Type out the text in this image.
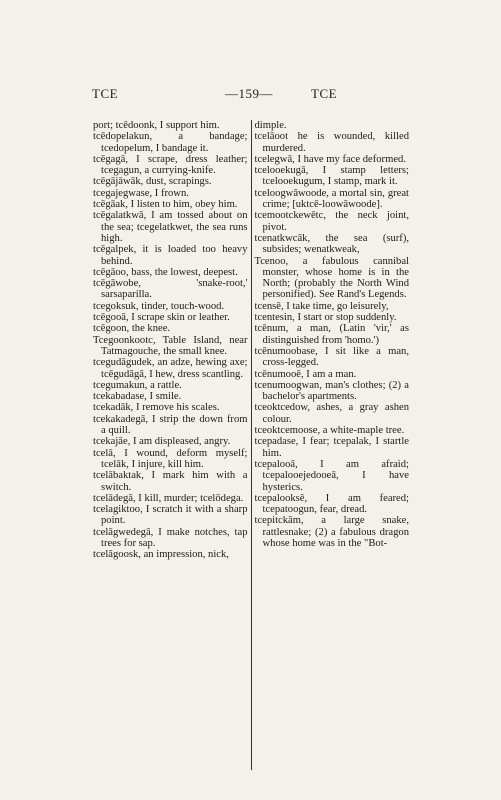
TCE	—159—	TCE

port; tcēdoonk, I support him.

tcēdopelakun, a bandage; tcedopelum, I bandage it.

tcēgagā, I scrape, dress leather; tcegagun, a currying-knife.

tcēgājāwāk, dust, scrapings.

tcegajegwase, I frown.

tcēgāak, I listen to him, obey him.

tcēgalatkwā, I am tossed about on the sea; tcegelatkwet, the sea runs high.

tcēgalpek, it is loaded too heavy behind.

tcēgāoo, bass, the lowest, deepest.

tcēgāwobe, 'snake-root,' sarsaparilla.

tcegoksuk, tinder, touch-wood.

tcēgooā, I scrape skin or leather.

tcēgoon, the knee.

Tcegoonkootc, Table Island, near Tatmagouche, the small knee.

tcegudāgudek, an adze, hewing axe; tcēgudāgā, I hew, dress scantling.

tcegumakun, a rattle.

tcekabadase, I smile.

tcekadāk, I remove his scales.

tcekakadegā, I strip the down from a quill.

tcekajāe, I am displeased, angry.

tcelā, I wound, deform myself; tcelāk, I injure, kill him.

tcelābaktak, I mark him with a switch.

tcelādegā, I kill, murder; tcelōdega.

tcelagiktoo, I scratch it with a sharp point.

tcelāgwedegā, I make notches, tap trees for sap.

tcelāgoosk, an impression, nick,

dimple.

tcelāoot he is wounded, killed murdered.

tcelegwā, I have my face deformed.

tcelooekugā, I stamp letters; tcelooekugum, I stamp, mark it.

tceloogwāwoode, a mortal sin, great crime; [uktcē-loowāwoode].

tcemootckewētc, the neck joint, pivot.

tcenatkwcāk, the sea (surf), subsides; wenatkweak,

Tcenoo, a fabulous cannibal monster, whose home is in the North; (probably the North Wind personified). See Rand's Legends.

tcensē, I take time, go leisurely,

tcentesin, I start or stop suddenly.

tcēnum, a man, (Latin 'vir,' as distinguished from 'homo.')

tcēnumoobase, I sit like a man, cross-legged.

tcēnumooē, I am a man.

tcenumoogwan, man's clothes; (2) a bachelor's apartments.

tceoktcedow, ashes, a gray ashen colour.

tceoktcemoose, a white-maple tree.

tcepadase, I fear; tcepalak, I startle him.

tcepalooā, I am afraid; tcepalooejedooeā, I have hysterics.

tcepalooksē, I am feared; tcepatoogun, fear, dread.

tcepitckām, a large snake, rattlesnake; (2) a fabulous dragon whose home was in the "Bot-
